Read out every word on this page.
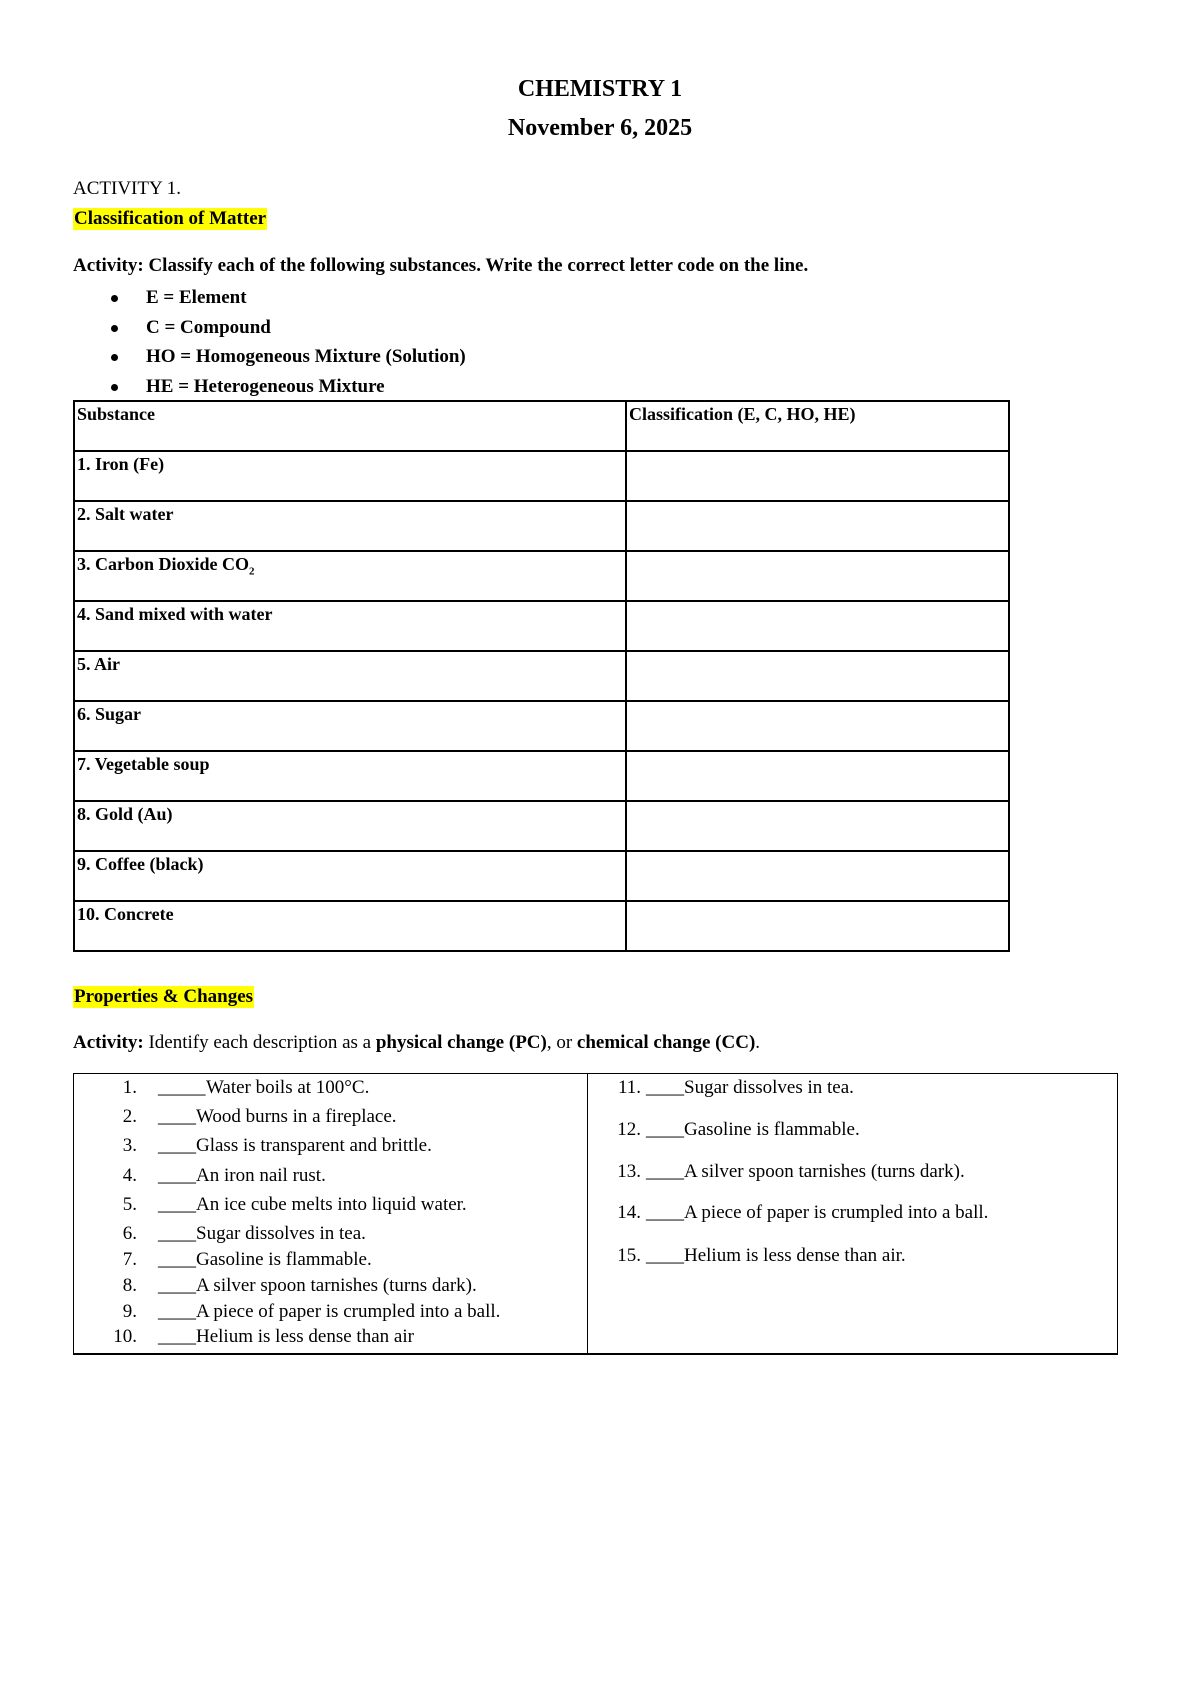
CHEMISTRY 1
November 6, 2025
ACTIVITY 1.
Classification of Matter
Activity: Classify each of the following substances. Write the correct letter code on the line.
E = Element
C = Compound
HO = Homogeneous Mixture (Solution)
HE = Heterogeneous Mixture
Substance	Classification (E, C, HO, HE)
1. Iron (Fe)	
2. Salt water	
3. Carbon Dioxide $CO_2$	
4. Sand mixed with water	
5. Air	
6. Sugar	
7. Vegetable soup	
8. Gold (Au)	
9. Coffee (black)	
10. Concrete	
Properties & Changes
Activity: Identify each description as a physical change (PC), or chemical change (CC).
1. _____ Water boils at 100°C.
2. ____ Wood burns in a fireplace.
3. ____ Glass is transparent and brittle.
4. ____ An iron nail rust.
5. ____ An ice cube melts into liquid water.
6. ____ Sugar dissolves in tea.
7. ____ Gasoline is flammable.
8. ____ A silver spoon tarnishes (turns dark).
9. ____ A piece of paper is crumpled into a ball.
10. ____ Helium is less dense than air
11. ____ Sugar dissolves in tea.
12. ____ Gasoline is flammable.
13. ____ A silver spoon tarnishes (turns dark).
14. ____ A piece of paper is crumpled into a ball.
15. ____ Helium is less dense than air.
